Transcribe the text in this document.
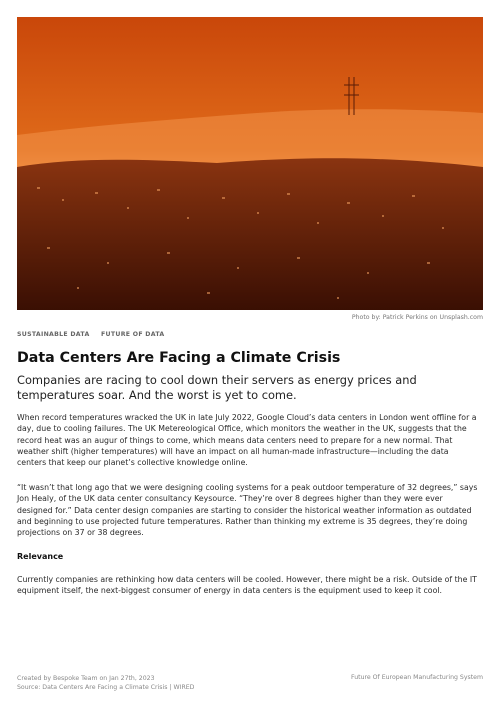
Photo by: Patrick Perkins on Unsplash.com
SUSTAINABLE DATA FUTURE OF DATA
Data Centers Are Facing a Climate Crisis

Companies are racing to cool down their servers as energy prices and temperatures soar. And the worst is yet to come.

When record temperatures wracked the UK in late July 2022, Google Cloud’s data centers in London went offline for a day, due to cooling failures. The UK Metereological Office, which monitors the weather in the UK, suggests that the record heat was an augur of things to come, which means data centers need to prepare for a new normal. That weather shift (higher temperatures) will have an impact on all human-made infrastructure—including the data centers that keep our planet’s collective knowledge online.

“It wasn’t that long ago that we were designing cooling systems for a peak outdoor temperature of 32 degrees,” says Jon Healy, of the UK data center consultancy Keysource. “They’re over 8 degrees higher than they were ever designed for.” Data center design companies are starting to consider the historical weather information as outdated and beginning to use projected future temperatures. Rather than thinking my extreme is 35 degrees, they’re doing projections on 37 or 38 degrees.

Relevance

Currently companies are rethinking how data centers will be cooled. However, there might be a risk. Outside of the IT equipment itself, the next-biggest consumer of energy in data centers is the equipment used to keep it cool.

Created by Bespoke Team on Jan 27th, 2023
Source: Data Centers Are Facing a Climate Crisis | WIRED
Future Of European Manufacturing System
